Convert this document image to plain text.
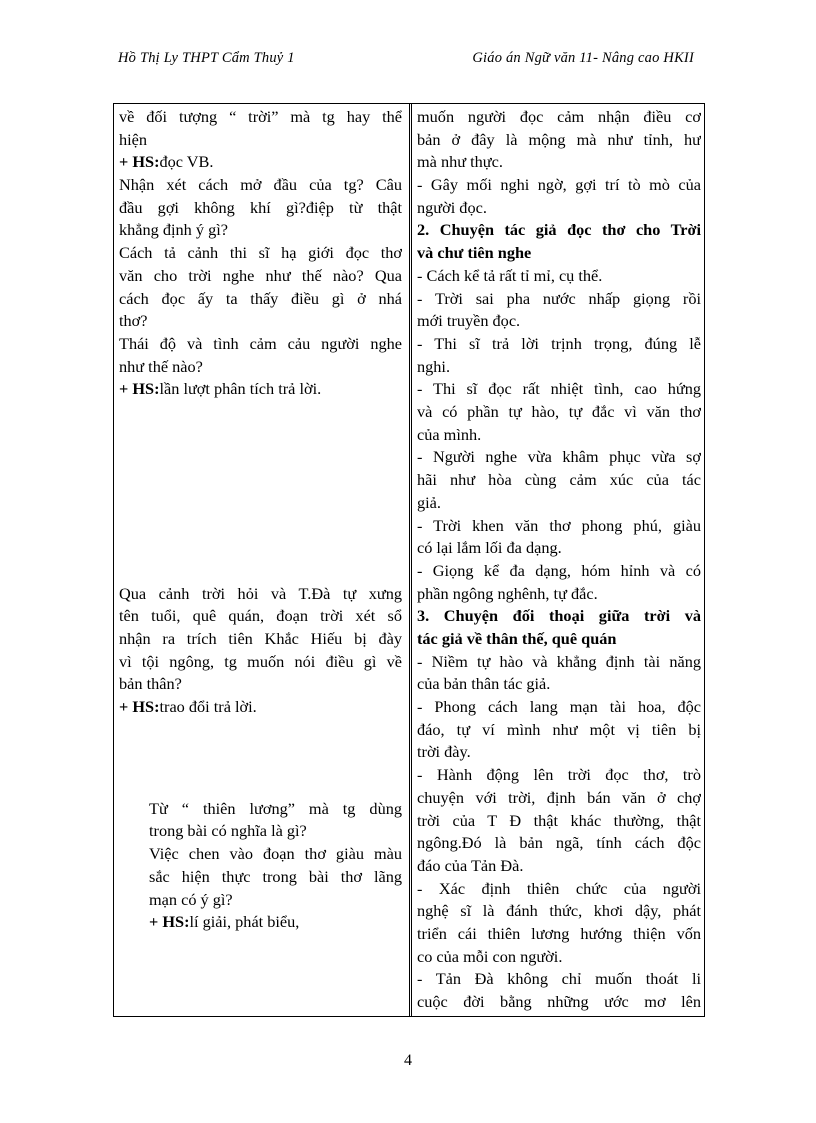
Hồ Thị Ly THPT Cẩm Thuỷ 1	Giáo án Ngữ văn 11- Nâng cao HKII
về đối tượng “ trời” mà tg hay thể
hiện
+ HS:đọc VB.
Nhận xét cách mở đầu của tg? Câu
đầu gợi không khí gì?điệp từ thật
khẳng định ý gì?
Cách tả cảnh thi sĩ hạ giới đọc thơ
văn cho trời nghe như thế nào? Qua
cách đọc ấy ta thấy điều gì ở nhá
thơ?
Thái độ và tình cảm cảu người nghe
như thế nào?
+ HS:lần lượt phân tích trả lời.
Qua cảnh trời hỏi và T.Đà tự xưng
tên tuổi, quê quán, đoạn trời xét sổ
nhận ra trích tiên Khắc Hiếu bị đày
vì tội ngông, tg muốn nói điều gì về
bản thân?
+ HS:trao đổi trả lời.
Từ “ thiên lương” mà tg dùng
trong bài có nghĩa là gì?
Việc chen vào đoạn thơ giàu màu
sắc hiện thực trong bài thơ lãng
mạn có ý gì?
+ HS:lí giải, phát biểu,
muốn người đọc cảm nhận điều cơ
bản ở đây là mộng mà như tỉnh, hư
mà như thực.
- Gây mối nghi ngờ, gợi trí tò mò của
người đọc.
2. Chuyện tác giả đọc thơ cho Trời
và chư tiên nghe
- Cách kể tả rất tỉ mỉ, cụ thể.
- Trời sai pha nước nhấp giọng rồi
mới truyền đọc.
- Thi sĩ trả lời trịnh trọng, đúng lễ
nghi.
- Thi sĩ đọc rất nhiệt tình, cao hứng
và có phần tự hào, tự đắc vì văn thơ
của mình.
- Người nghe vừa khâm phục vừa sợ
hãi như hòa cùng cảm xúc của tác
giả.
- Trời khen văn thơ phong phú, giàu
có lại lắm lối đa dạng.
- Giọng kể đa dạng, hóm hỉnh và có
phần ngông nghênh, tự đắc.
3. Chuyện đối thoại giữa trời và
tác giả về thân thế, quê quán
- Niềm tự hào và khẳng định tài năng
của bản thân tác giả.
- Phong cách lang mạn tài hoa, độc
đáo, tự ví mình như một vị tiên bị
trời đày.
- Hành động lên trời đọc thơ, trò
chuyện với trời, định bán văn ở chợ
trời của T Đ thật khác thường, thật
ngông.Đó là bản ngã, tính cách độc
đáo của Tản Đà.
- Xác định thiên chức của người
nghệ sĩ là đánh thức, khơi dậy, phát
triển cái thiên lương hướng thiện vốn
co của mỗi con người.
- Tản Đà không chỉ muốn thoát li
cuộc đời bằng những ước mơ lên
4
